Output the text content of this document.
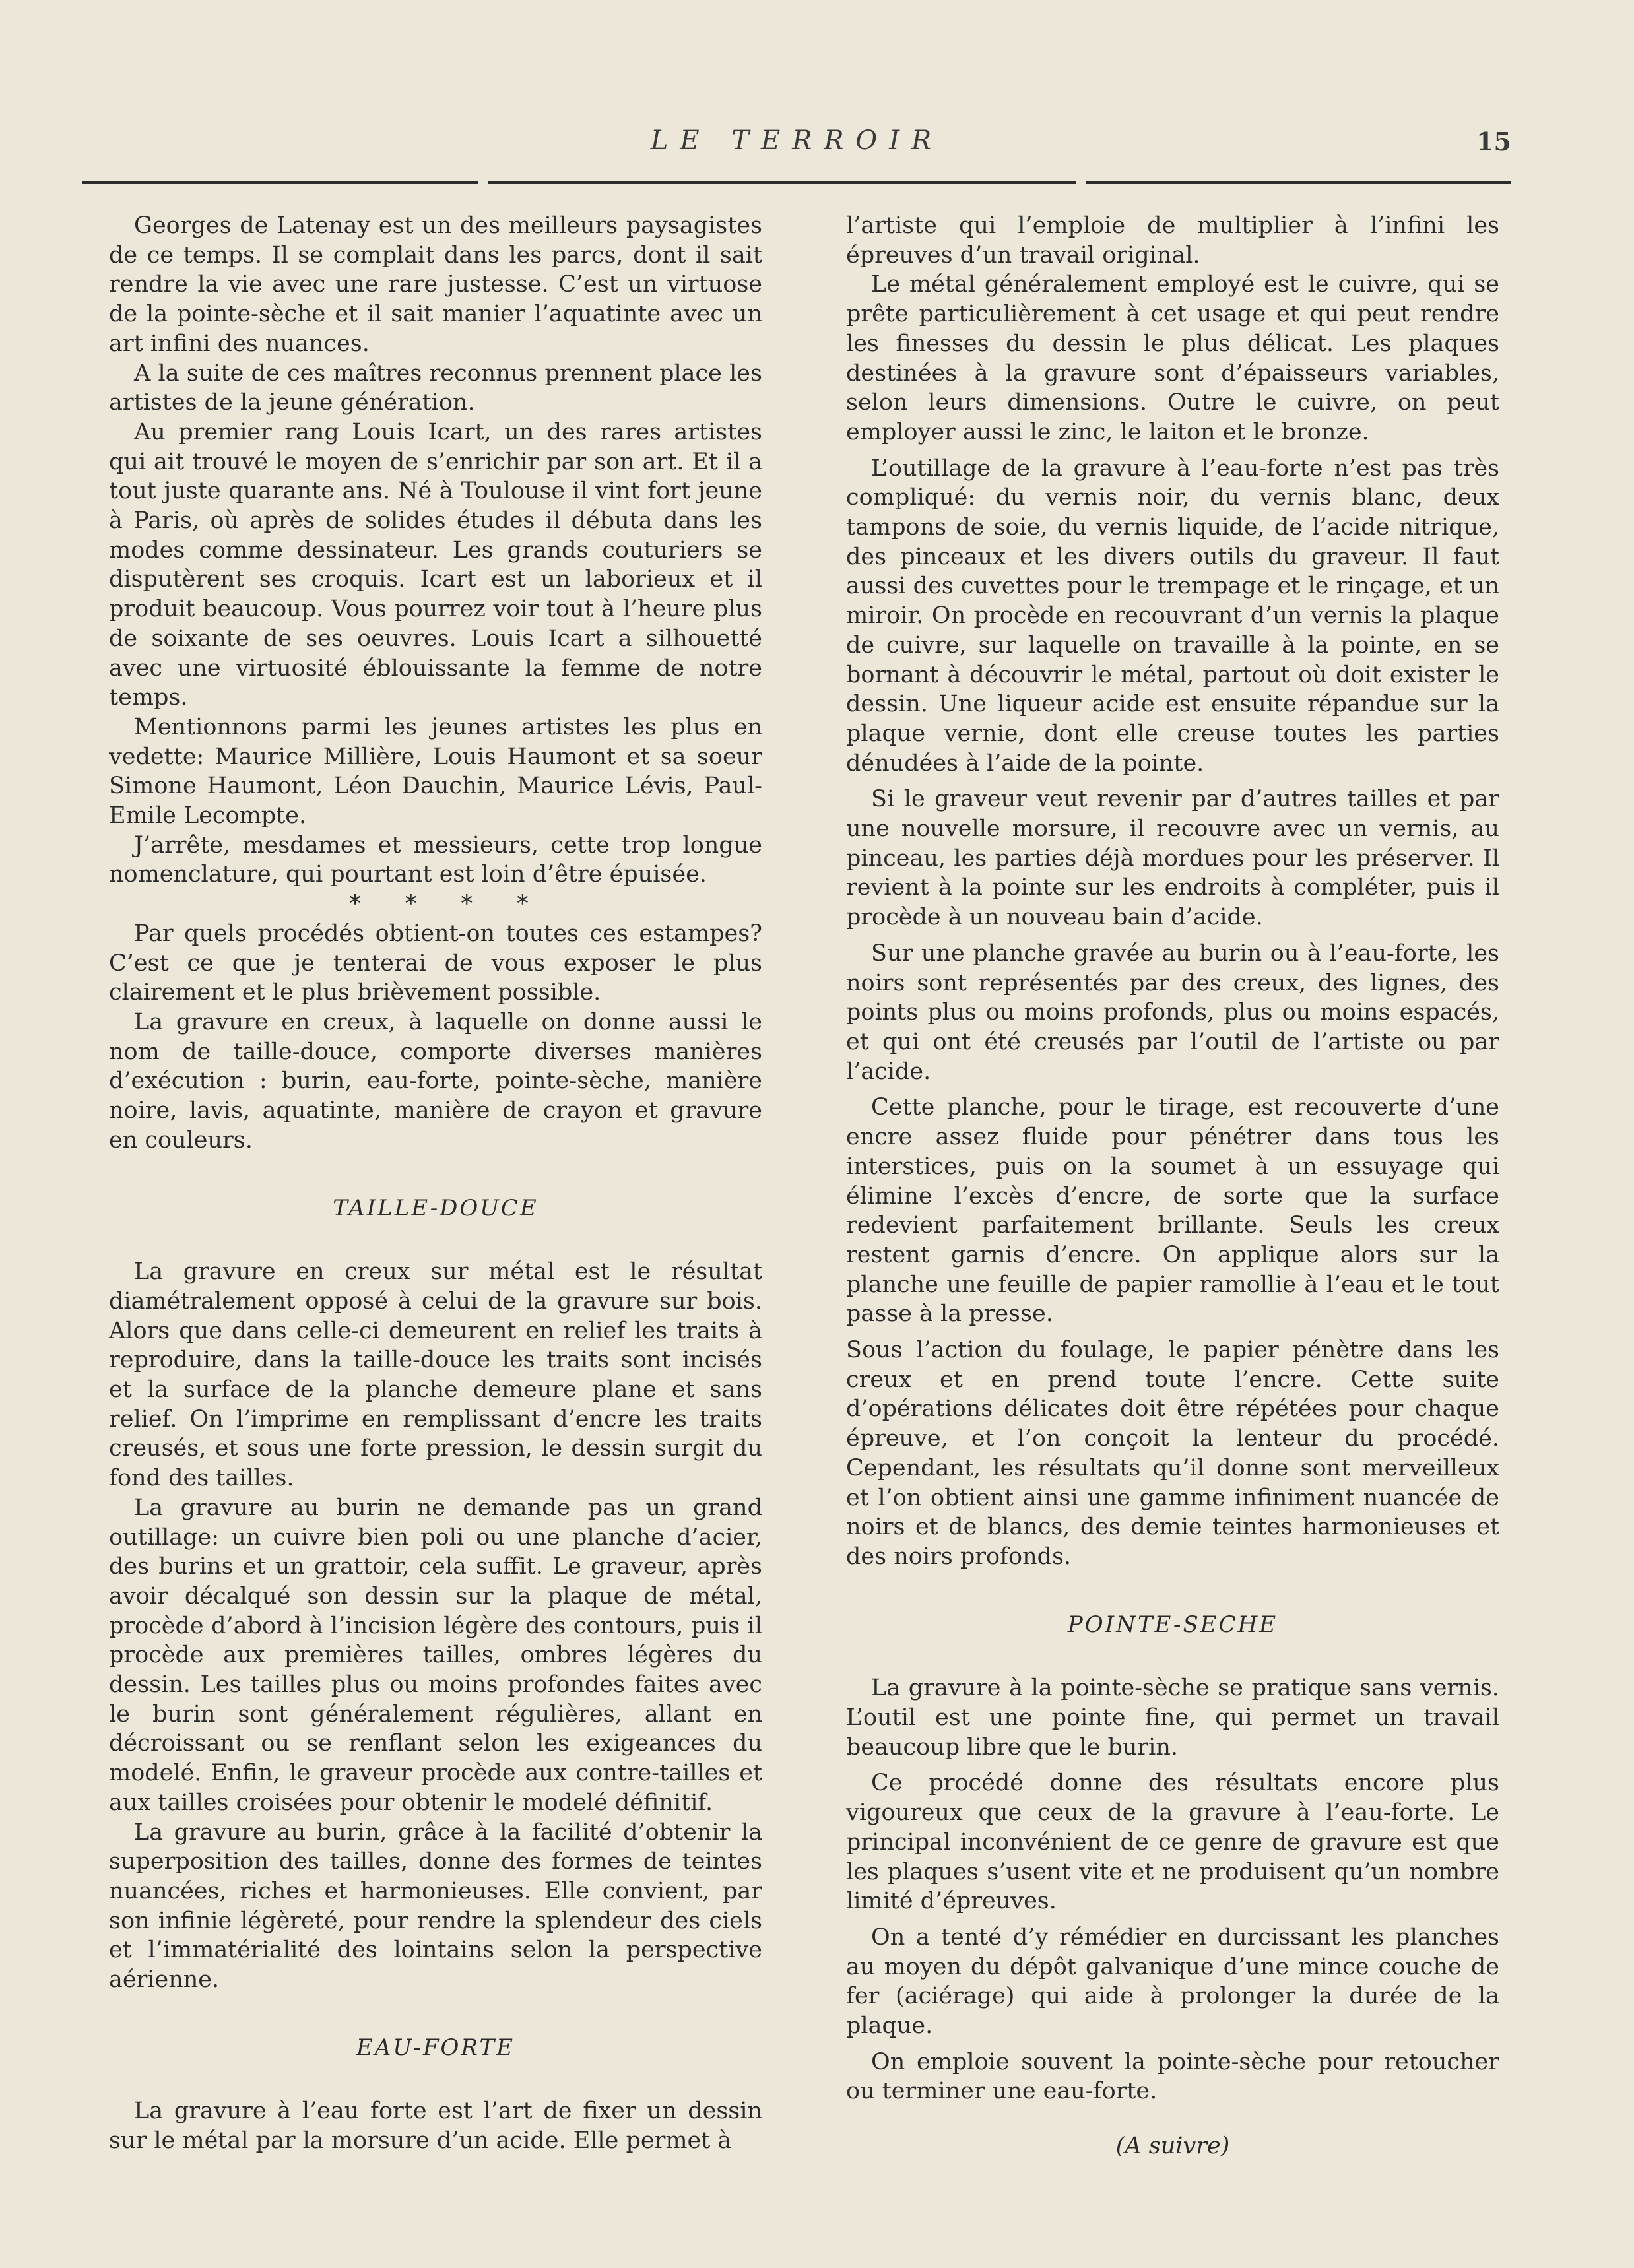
LE TERROIR	15

Georges de Latenay est un des meilleurs paysagistes de ce temps. Il se complait dans les parcs, dont il sait rendre la vie avec une rare justesse. C’est un virtuose de la pointe-sèche et il sait manier l’aquatinte avec un art infini des nuances.

A la suite de ces maîtres reconnus prennent place les artistes de la jeune génération.

Au premier rang Louis Icart, un des rares artistes qui ait trouvé le moyen de s’enrichir par son art. Et il a tout juste quarante ans. Né à Toulouse il vint fort jeune à Paris, où après de solides études il débuta dans les modes comme dessinateur. Les grands couturiers se disputèrent ses croquis. Icart est un laborieux et il produit beaucoup. Vous pourrez voir tout à l’heure plus de soixante de ses oeuvres. Louis Icart a silhouetté avec une virtuosité éblouissante la femme de notre temps.

Mentionnons parmi les jeunes artistes les plus en vedette: Maurice Millière, Louis Haumont et sa soeur Simone Haumont, Léon Dauchin, Maurice Lévis, Paul-Emile Lecompte.

J’arrête, mesdames et messieurs, cette trop longue nomenclature, qui pourtant est loin d’être épuisée.

* * * *

Par quels procédés obtient-on toutes ces estampes? C’est ce que je tenterai de vous exposer le plus clairement et le plus brièvement possible.

La gravure en creux, à laquelle on donne aussi le nom de taille-douce, comporte diverses manières d’exécution : burin, eau-forte, pointe-sèche, manière noire, lavis, aquatinte, manière de crayon et gravure en couleurs.

TAILLE-DOUCE

La gravure en creux sur métal est le résultat diamétralement opposé à celui de la gravure sur bois. Alors que dans celle-ci demeurent en relief les traits à reproduire, dans la taille-douce les traits sont incisés et la surface de la planche demeure plane et sans relief. On l’imprime en remplissant d’encre les traits creusés, et sous une forte pression, le dessin surgit du fond des tailles.

La gravure au burin ne demande pas un grand outillage: un cuivre bien poli ou une planche d’acier, des burins et un grattoir, cela suffit. Le graveur, après avoir décalqué son dessin sur la plaque de métal, procède d’abord à l’incision légère des contours, puis il procède aux premières tailles, ombres légères du dessin. Les tailles plus ou moins profondes faites avec le burin sont généralement régulières, allant en décroissant ou se renflant selon les exigeances du modelé. Enfin, le graveur procède aux contre-tailles et aux tailles croisées pour obtenir le modelé définitif.

La gravure au burin, grâce à la facilité d’obtenir la superposition des tailles, donne des formes de teintes nuancées, riches et harmonieuses. Elle convient, par son infinie légèreté, pour rendre la splendeur des ciels et l’immatérialité des lointains selon la perspective aérienne.

EAU-FORTE

La gravure à l’eau forte est l’art de fixer un dessin sur le métal par la morsure d’un acide. Elle permet à

l’artiste qui l’emploie de multiplier à l’infini les épreuves d’un travail original.

Le métal généralement employé est le cuivre, qui se prête particulièrement à cet usage et qui peut rendre les finesses du dessin le plus délicat. Les plaques destinées à la gravure sont d’épaisseurs variables, selon leurs dimensions. Outre le cuivre, on peut employer aussi le zinc, le laiton et le bronze.

L’outillage de la gravure à l’eau-forte n’est pas très compliqué: du vernis noir, du vernis blanc, deux tampons de soie, du vernis liquide, de l’acide nitrique, des pinceaux et les divers outils du graveur. Il faut aussi des cuvettes pour le trempage et le rinçage, et un miroir. On procède en recouvrant d’un vernis la plaque de cuivre, sur laquelle on travaille à la pointe, en se bornant à découvrir le métal, partout où doit exister le dessin. Une liqueur acide est ensuite répandue sur la plaque vernie, dont elle creuse toutes les parties dénudées à l’aide de la pointe.

Si le graveur veut revenir par d’autres tailles et par une nouvelle morsure, il recouvre avec un vernis, au pinceau, les parties déjà mordues pour les préserver. Il revient à la pointe sur les endroits à compléter, puis il procède à un nouveau bain d’acide.

Sur une planche gravée au burin ou à l’eau-forte, les noirs sont représentés par des creux, des lignes, des points plus ou moins profonds, plus ou moins espacés, et qui ont été creusés par l’outil de l’artiste ou par l’acide.

Cette planche, pour le tirage, est recouverte d’une encre assez fluide pour pénétrer dans tous les interstices, puis on la soumet à un essuyage qui élimine l’excès d’encre, de sorte que la surface redevient parfaitement brillante. Seuls les creux restent garnis d’encre. On applique alors sur la planche une feuille de papier ramollie à l’eau et le tout passe à la presse.

Sous l’action du foulage, le papier pénètre dans les creux et en prend toute l’encre. Cette suite d’opérations délicates doit être répétées pour chaque épreuve, et l’on conçoit la lenteur du procédé. Cependant, les résultats qu’il donne sont merveilleux et l’on obtient ainsi une gamme infiniment nuancée de noirs et de blancs, des demie teintes harmonieuses et des noirs profonds.

POINTE-SECHE

La gravure à la pointe-sèche se pratique sans vernis. L’outil est une pointe fine, qui permet un travail beaucoup libre que le burin.

Ce procédé donne des résultats encore plus vigoureux que ceux de la gravure à l’eau-forte. Le principal inconvénient de ce genre de gravure est que les plaques s’usent vite et ne produisent qu’un nombre limité d’épreuves.

On a tenté d’y rémédier en durcissant les planches au moyen du dépôt galvanique d’une mince couche de fer (aciérage) qui aide à prolonger la durée de la plaque.

On emploie souvent la pointe-sèche pour retoucher ou terminer une eau-forte.

(A suivre)
